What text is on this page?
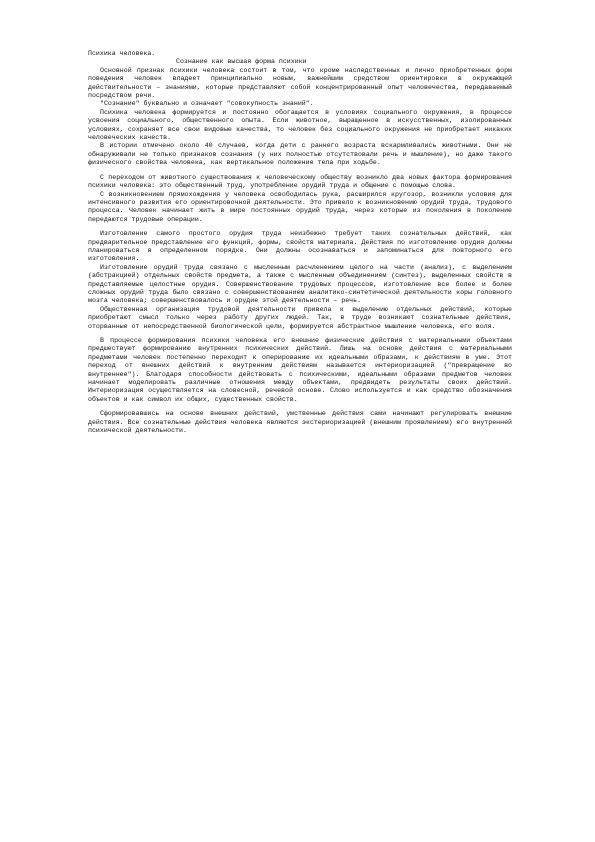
Психика человека.
Сознание как высшая форма психики

Основной признак психики человека состоит в том, что кроме наследственных и лично приобретенных форм поведения человек владеет принципиально новым, важнейшим средством ориентировки в окружающей действительности – знаниями, которые представляют собой концентрированный опыт человечества, передаваемый посредством речи.

"Сознание" буквально и означает "совокупность знаний".

Психика человека формируется и постоянно обогащается в условиях социального окружения, в процессе усвоения социального, общественного опыта. Если животное, выращенное в искусственных, изолированных условиях, сохраняет все свои видовые качества, то человек без социального окружения не приобретает никаких человеческих качеств.

В истории отмечено около 40 случаев, когда дети с раннего возраста вскармливались животными. Они не обнаруживали не только признаков сознания (у них полностью отсутствовали речь и мышление), но даже такого физического свойства человека, как вертикальное положение тела при ходьбе.

С переходом от животного существования к человеческому обществу возникло два новых фактора формирования психики человека: это общественный труд, употребление орудий труда и общение с помощью слова.

С возникновением прямохождения у человека освободилась рука, расширился кругозор, возникли условия для интенсивного развития его ориентировочной деятельности. Это привело к возникновению орудий труда, трудового процесса. Человек начинает жить в мире постоянных орудий труда, через которые из поколения в поколение передаются трудовые операции.

Изготовление самого простого орудия труда неизбежно требует таких сознательных действий, как предварительное представление его функций, формы, свойств материала. Действия по изготовлению орудия должны планироваться в определенном порядке. Они должны осознаваться и запоминаться для повторного его изготовления.

Изготовление орудий труда связано с мысленным расчленением целого на части (анализ), с выделением (абстракцией) отдельных свойств предмета, а также с мысленным объединением (синтез), выделенных свойств в представляемые целостные орудия. Совершенствование трудовых процессов, изготовление все более и более сложных орудий труда было связано с совершенствованием аналитико-синтетической деятельности коры головного мозга человека; совершенствовалось и орудие этой деятельности – речь.

Общественная организация трудовой деятельности привела к выделению отдельных действий, которые приобретают смысл только через работу других людей. Так, в труде возникают сознательные действия, оторванные от непосредственной биологической цели, формируется абстрактное мышление человека, его воля.

В процессе формирования психики человека его внешние физические действия с материальными объектами предшествуют формированию внутренних психических действий. Лишь на основе действия с материальными предметами человек постепенно переходит к оперированию их идеальными образами, к действиям в уме. Этот переход от внешних действий к внутренним действиям называется интериоризацией ("превращение во внутреннее"). Благодаря способности действовать с психическими, идеальными образами предметов человек начинает моделировать различные отношения между объектами, предвидеть результаты своих действий. Интериоризация осуществляется на словесной, речевой основе. Слово используется и как средство обозначения объектов и как символ их общих, существенных свойств.

Сформировавшись на основе внешних действий, умственные действия сами начинают регулировать внешние действия. Все сознательные действия человека являются экстериоризацией (внешним проявлением) его внутренней психической деятельности.
